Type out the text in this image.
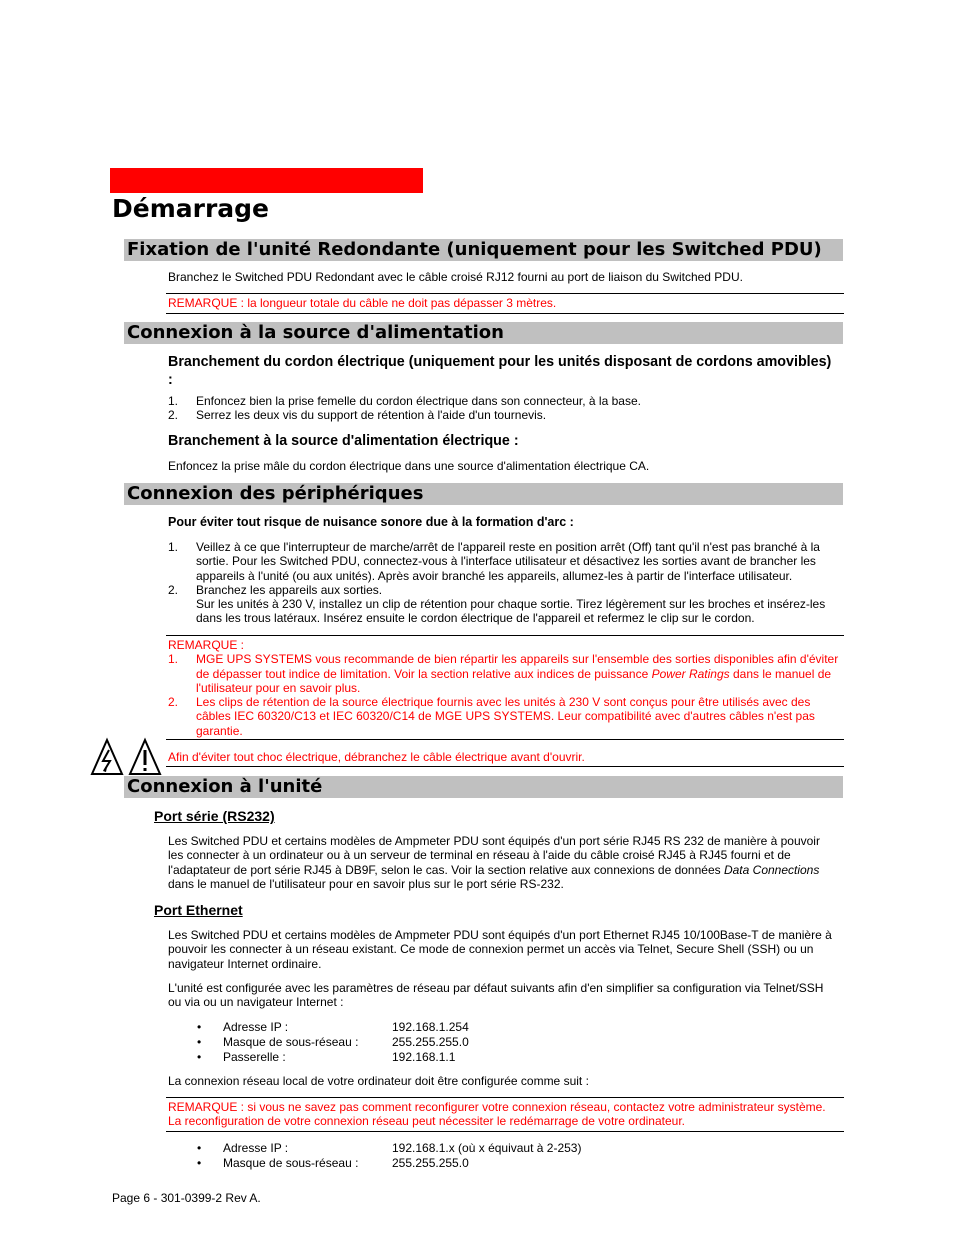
Démarrage
Fixation de l'unité Redondante (uniquement pour les Switched PDU)
Branchez le Switched PDU Redondant avec le câble croisé RJ12 fourni au port de liaison du Switched PDU.
REMARQUE : la longueur totale du câble ne doit pas dépasser 3 mètres.
Connexion à la source d'alimentation
Branchement du cordon électrique (uniquement pour les unités disposant de cordons amovibles) :
1. Enfoncez bien la prise femelle du cordon électrique dans son connecteur, à la base.
2. Serrez les deux vis du support de rétention à l'aide d'un tournevis.
Branchement à la source d'alimentation électrique :
Enfoncez la prise mâle du cordon électrique dans une source d'alimentation électrique CA.
Connexion des périphériques
Pour éviter tout risque de nuisance sonore due à la formation d'arc :
1. Veillez à ce que l'interrupteur de marche/arrêt de l'appareil reste en position arrêt (Off) tant qu'il n'est pas branché à la sortie. Pour les Switched PDU, connectez-vous à l'interface utilisateur et désactivez les sorties avant de brancher les appareils à l'unité (ou aux unités). Après avoir branché les appareils, allumez-les à partir de l'interface utilisateur.
2. Branchez les appareils aux sorties.
Sur les unités à 230 V, installez un clip de rétention pour chaque sortie. Tirez légèrement sur les broches et insérez-les dans les trous latéraux. Insérez ensuite le cordon électrique de l'appareil et refermez le clip sur le cordon.
REMARQUE :
1. MGE UPS SYSTEMS vous recommande de bien répartir les appareils sur l'ensemble des sorties disponibles afin d'éviter de dépasser tout indice de limitation. Voir la section relative aux indices de puissance Power Ratings dans le manuel de l'utilisateur pour en savoir plus.
2. Les clips de rétention de la source électrique fournis avec les unités à 230 V sont conçus pour être utilisés avec des câbles IEC 60320/C13 et IEC 60320/C14 de MGE UPS SYSTEMS. Leur compatibilité avec d'autres câbles n'est pas garantie.
Afin d'éviter tout choc électrique, débranchez le câble électrique avant d'ouvrir.
Connexion à l'unité
Port série (RS232)
Les Switched PDU et certains modèles de Ampmeter PDU sont équipés d'un port série RJ45 RS 232 de manière à pouvoir les connecter à un ordinateur ou à un serveur de terminal en réseau à l'aide du câble croisé RJ45 à RJ45 fourni et de l'adaptateur de port série RJ45 à DB9F, selon le cas. Voir la section relative aux connexions de données Data Connections dans le manuel de l'utilisateur pour en savoir plus sur le port série RS-232.
Port Ethernet
Les Switched PDU et certains modèles de Ampmeter PDU sont équipés d'un port Ethernet RJ45 10/100Base-T de manière à pouvoir les connecter à un réseau existant. Ce mode de connexion permet un accès via Telnet, Secure Shell (SSH) ou un navigateur Internet ordinaire.
L'unité est configurée avec les paramètres de réseau par défaut suivants afin d'en simplifier sa configuration via Telnet/SSH ou via ou un navigateur Internet :
• Adresse IP :	192.168.1.254
• Masque de sous-réseau :	255.255.255.0
• Passerelle :	192.168.1.1
La connexion réseau local de votre ordinateur doit être configurée comme suit :
REMARQUE : si vous ne savez pas comment reconfigurer votre connexion réseau, contactez votre administrateur système. La reconfiguration de votre connexion réseau peut nécessiter le redémarrage de votre ordinateur.
• Adresse IP :	192.168.1.x (où x équivaut à 2-253)
• Masque de sous-réseau :	255.255.255.0
Page 6 - 301-0399-2 Rev A.
